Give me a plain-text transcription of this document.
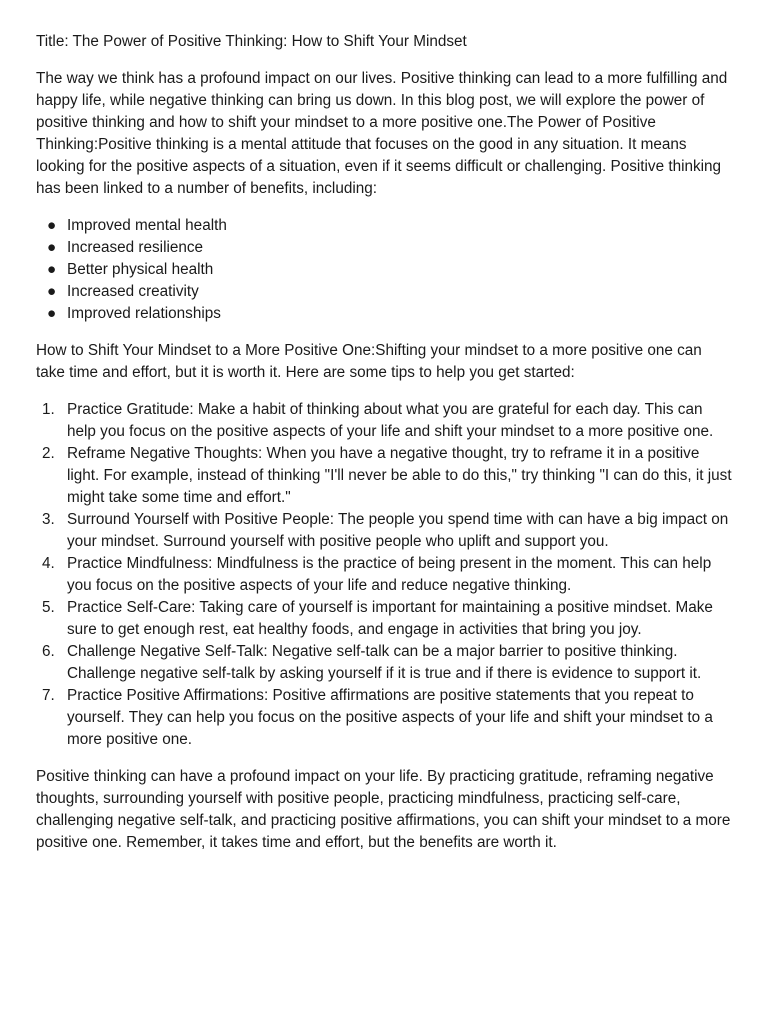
Title: The Power of Positive Thinking: How to Shift Your Mindset

The way we think has a profound impact on our lives. Positive thinking can lead to a more fulfilling and happy life, while negative thinking can bring us down. In this blog post, we will explore the power of positive thinking and how to shift your mindset to a more positive one.The Power of Positive Thinking:Positive thinking is a mental attitude that focuses on the good in any situation. It means looking for the positive aspects of a situation, even if it seems difficult or challenging. Positive thinking has been linked to a number of benefits, including:

● Improved mental health
● Increased resilience
● Better physical health
● Increased creativity
● Improved relationships

How to Shift Your Mindset to a More Positive One:Shifting your mindset to a more positive one can take time and effort, but it is worth it. Here are some tips to help you get started:

1. Practice Gratitude: Make a habit of thinking about what you are grateful for each day. This can help you focus on the positive aspects of your life and shift your mindset to a more positive one.
2. Reframe Negative Thoughts: When you have a negative thought, try to reframe it in a positive light. For example, instead of thinking "I'll never be able to do this," try thinking "I can do this, it just might take some time and effort."
3. Surround Yourself with Positive People: The people you spend time with can have a big impact on your mindset. Surround yourself with positive people who uplift and support you.
4. Practice Mindfulness: Mindfulness is the practice of being present in the moment. This can help you focus on the positive aspects of your life and reduce negative thinking.
5. Practice Self-Care: Taking care of yourself is important for maintaining a positive mindset. Make sure to get enough rest, eat healthy foods, and engage in activities that bring you joy.
6. Challenge Negative Self-Talk: Negative self-talk can be a major barrier to positive thinking. Challenge negative self-talk by asking yourself if it is true and if there is evidence to support it.
7. Practice Positive Affirmations: Positive affirmations are positive statements that you repeat to yourself. They can help you focus on the positive aspects of your life and shift your mindset to a more positive one.

Positive thinking can have a profound impact on your life. By practicing gratitude, reframing negative thoughts, surrounding yourself with positive people, practicing mindfulness, practicing self-care, challenging negative self-talk, and practicing positive affirmations, you can shift your mindset to a more positive one. Remember, it takes time and effort, but the benefits are worth it.
